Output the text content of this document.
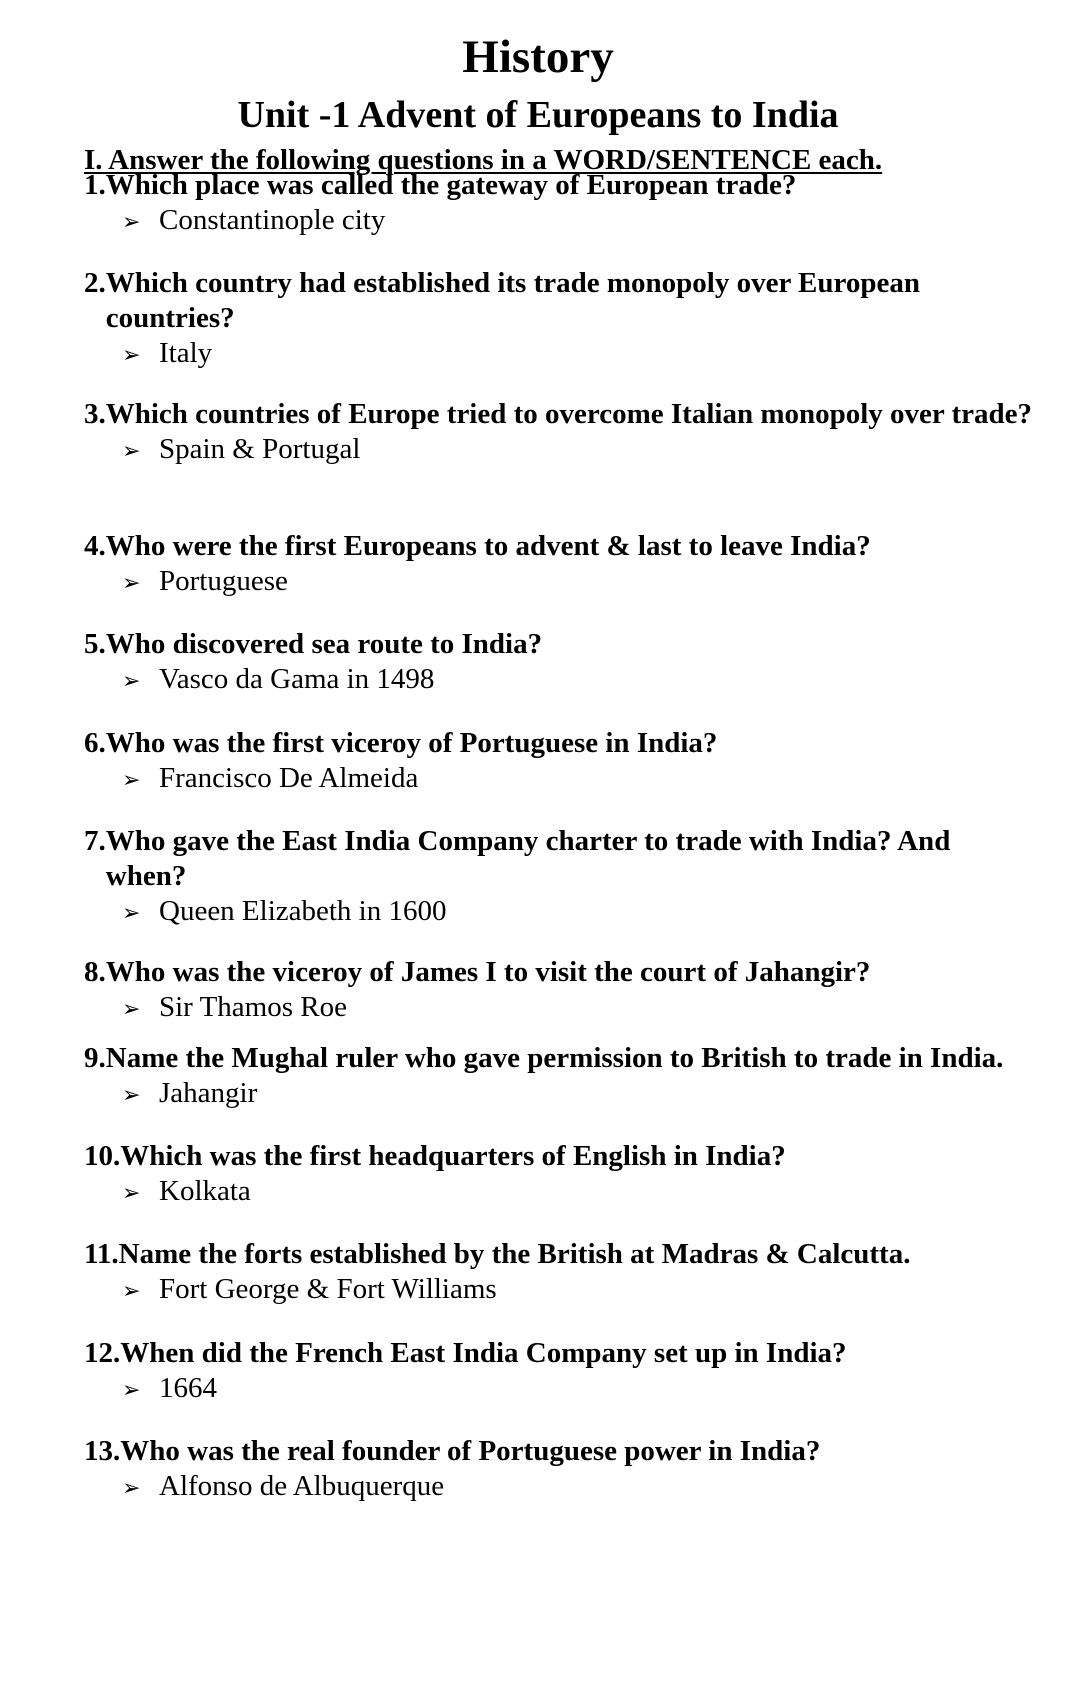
History
Unit -1 Advent of Europeans to India
I. Answer the following questions in a WORD/SENTENCE each.
1. Which place was called the gateway of European trade?
➢ Constantinople city
2. Which country had established its trade monopoly over European countries?
➢ Italy
3. Which countries of Europe tried to overcome Italian monopoly over trade?
➢ Spain & Portugal
4. Who were the first Europeans to advent & last to leave India?
➢ Portuguese
5. Who discovered sea route to India?
➢ Vasco da Gama in 1498
6. Who was the first viceroy of Portuguese in India?
➢ Francisco De Almeida
7. Who gave the East India Company charter to trade with India? And when?
➢ Queen Elizabeth in 1600
8. Who was the viceroy of James I to visit the court of Jahangir?
➢ Sir Thamos Roe
9. Name the Mughal ruler who gave permission to British to trade in India.
➢ Jahangir
10. Which was the first headquarters of English in India?
➢ Kolkata
11. Name the forts established by the British at Madras & Calcutta.
➢ Fort George & Fort Williams
12. When did the French East India Company set up in India?
➢ 1664
13. Who was the real founder of Portuguese power in India?
➢ Alfonso de Albuquerque
